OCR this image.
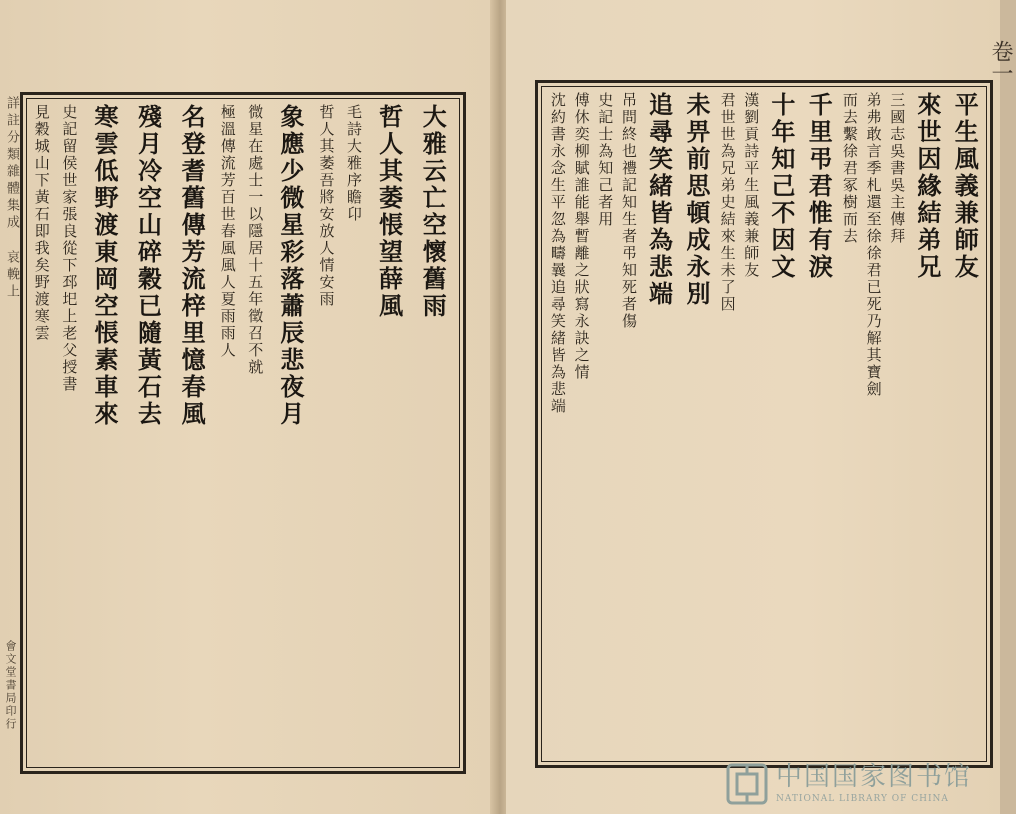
詳註分類雜體集成
哀輓上
會文堂書局印行
大雅云亡空懷舊雨
哲人其萎悵望薛風
毛詩大雅序瞻卬
哲人其萎吾將安放人情安雨
象應少微星彩落蕭辰悲夜月
微星在處士一以隱居十五年徵召不就
極溫傳流芳百世春風風人夏雨雨人
名登耆舊傳芳流梓里憶春風
殘月冷空山碎穀已隨黃石去
寒雲低野渡東岡空悵素車來
史記留侯世家張良從下邳圯上老父授書
見穀城山下黃石即我矣野渡寒雲	平生風義兼師友
來世因緣結弟兄
三國志吳書吳主傳拜
弟弗敢言季札還至徐徐君已死乃解其寶劍
而去繫徐君冢樹而去
千里弔君惟有淚
十年知己不因文
漢劉貢詩平生風義兼師友
君世世為兄弟史結來生未了因
未畀前思頓成永別
追尋笑緒皆為悲端
吊問終也禮記知生者弔知死者傷
史記士為知己者用
傅休奕柳賦誰能舉暫離之狀寫永訣之情
沈約書永念生平忽為疇曩追尋笑緒皆為悲端
卷一
中国国家图书馆
NATIONAL LIBRARY OF CHINA
